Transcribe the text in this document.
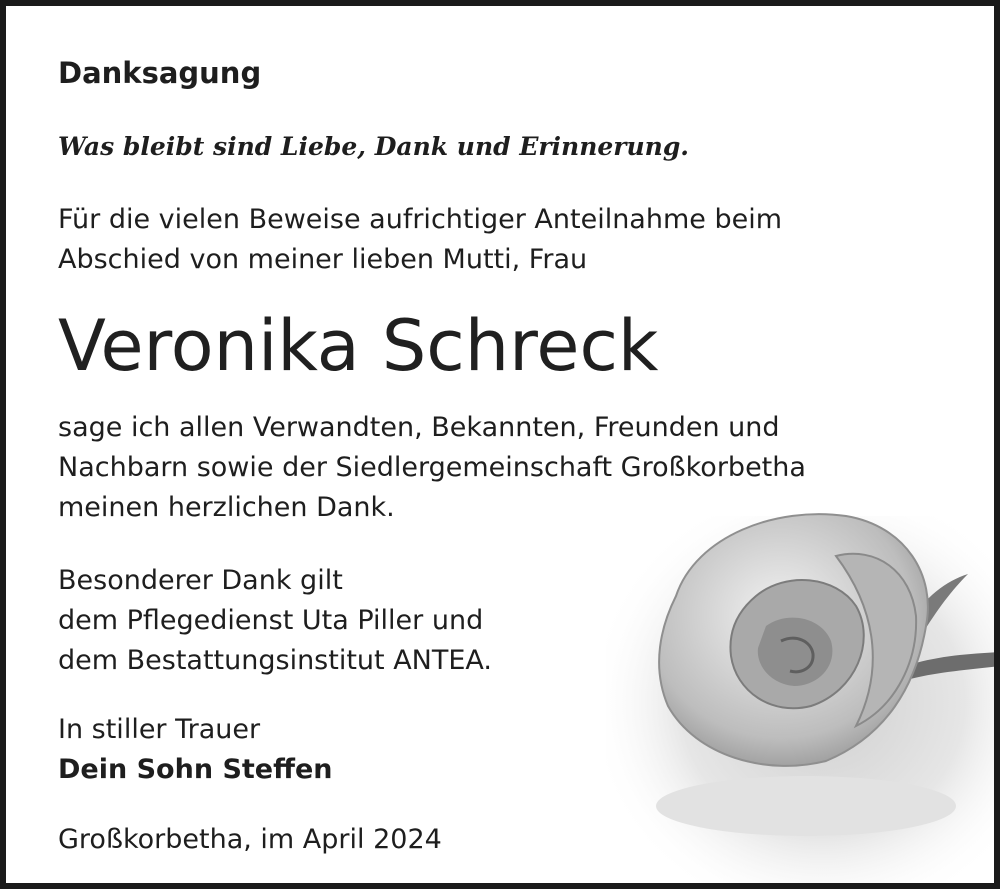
Danksagung

Was bleibt sind Liebe, Dank und Erinnerung.

Für die vielen Beweise aufrichtiger Anteilnahme beim
Abschied von meiner lieben Mutti, Frau

Veronika Schreck

sage ich allen Verwandten, Bekannten, Freunden und
Nachbarn sowie der Siedlergemeinschaft Großkorbetha
meinen herzlichen Dank.
Besonderer Dank gilt
dem Pflegedienst Uta Piller und
dem Bestattungsinstitut ANTEA.

In stiller Trauer

Dein Sohn Steffen

Großkorbetha, im April 2024
